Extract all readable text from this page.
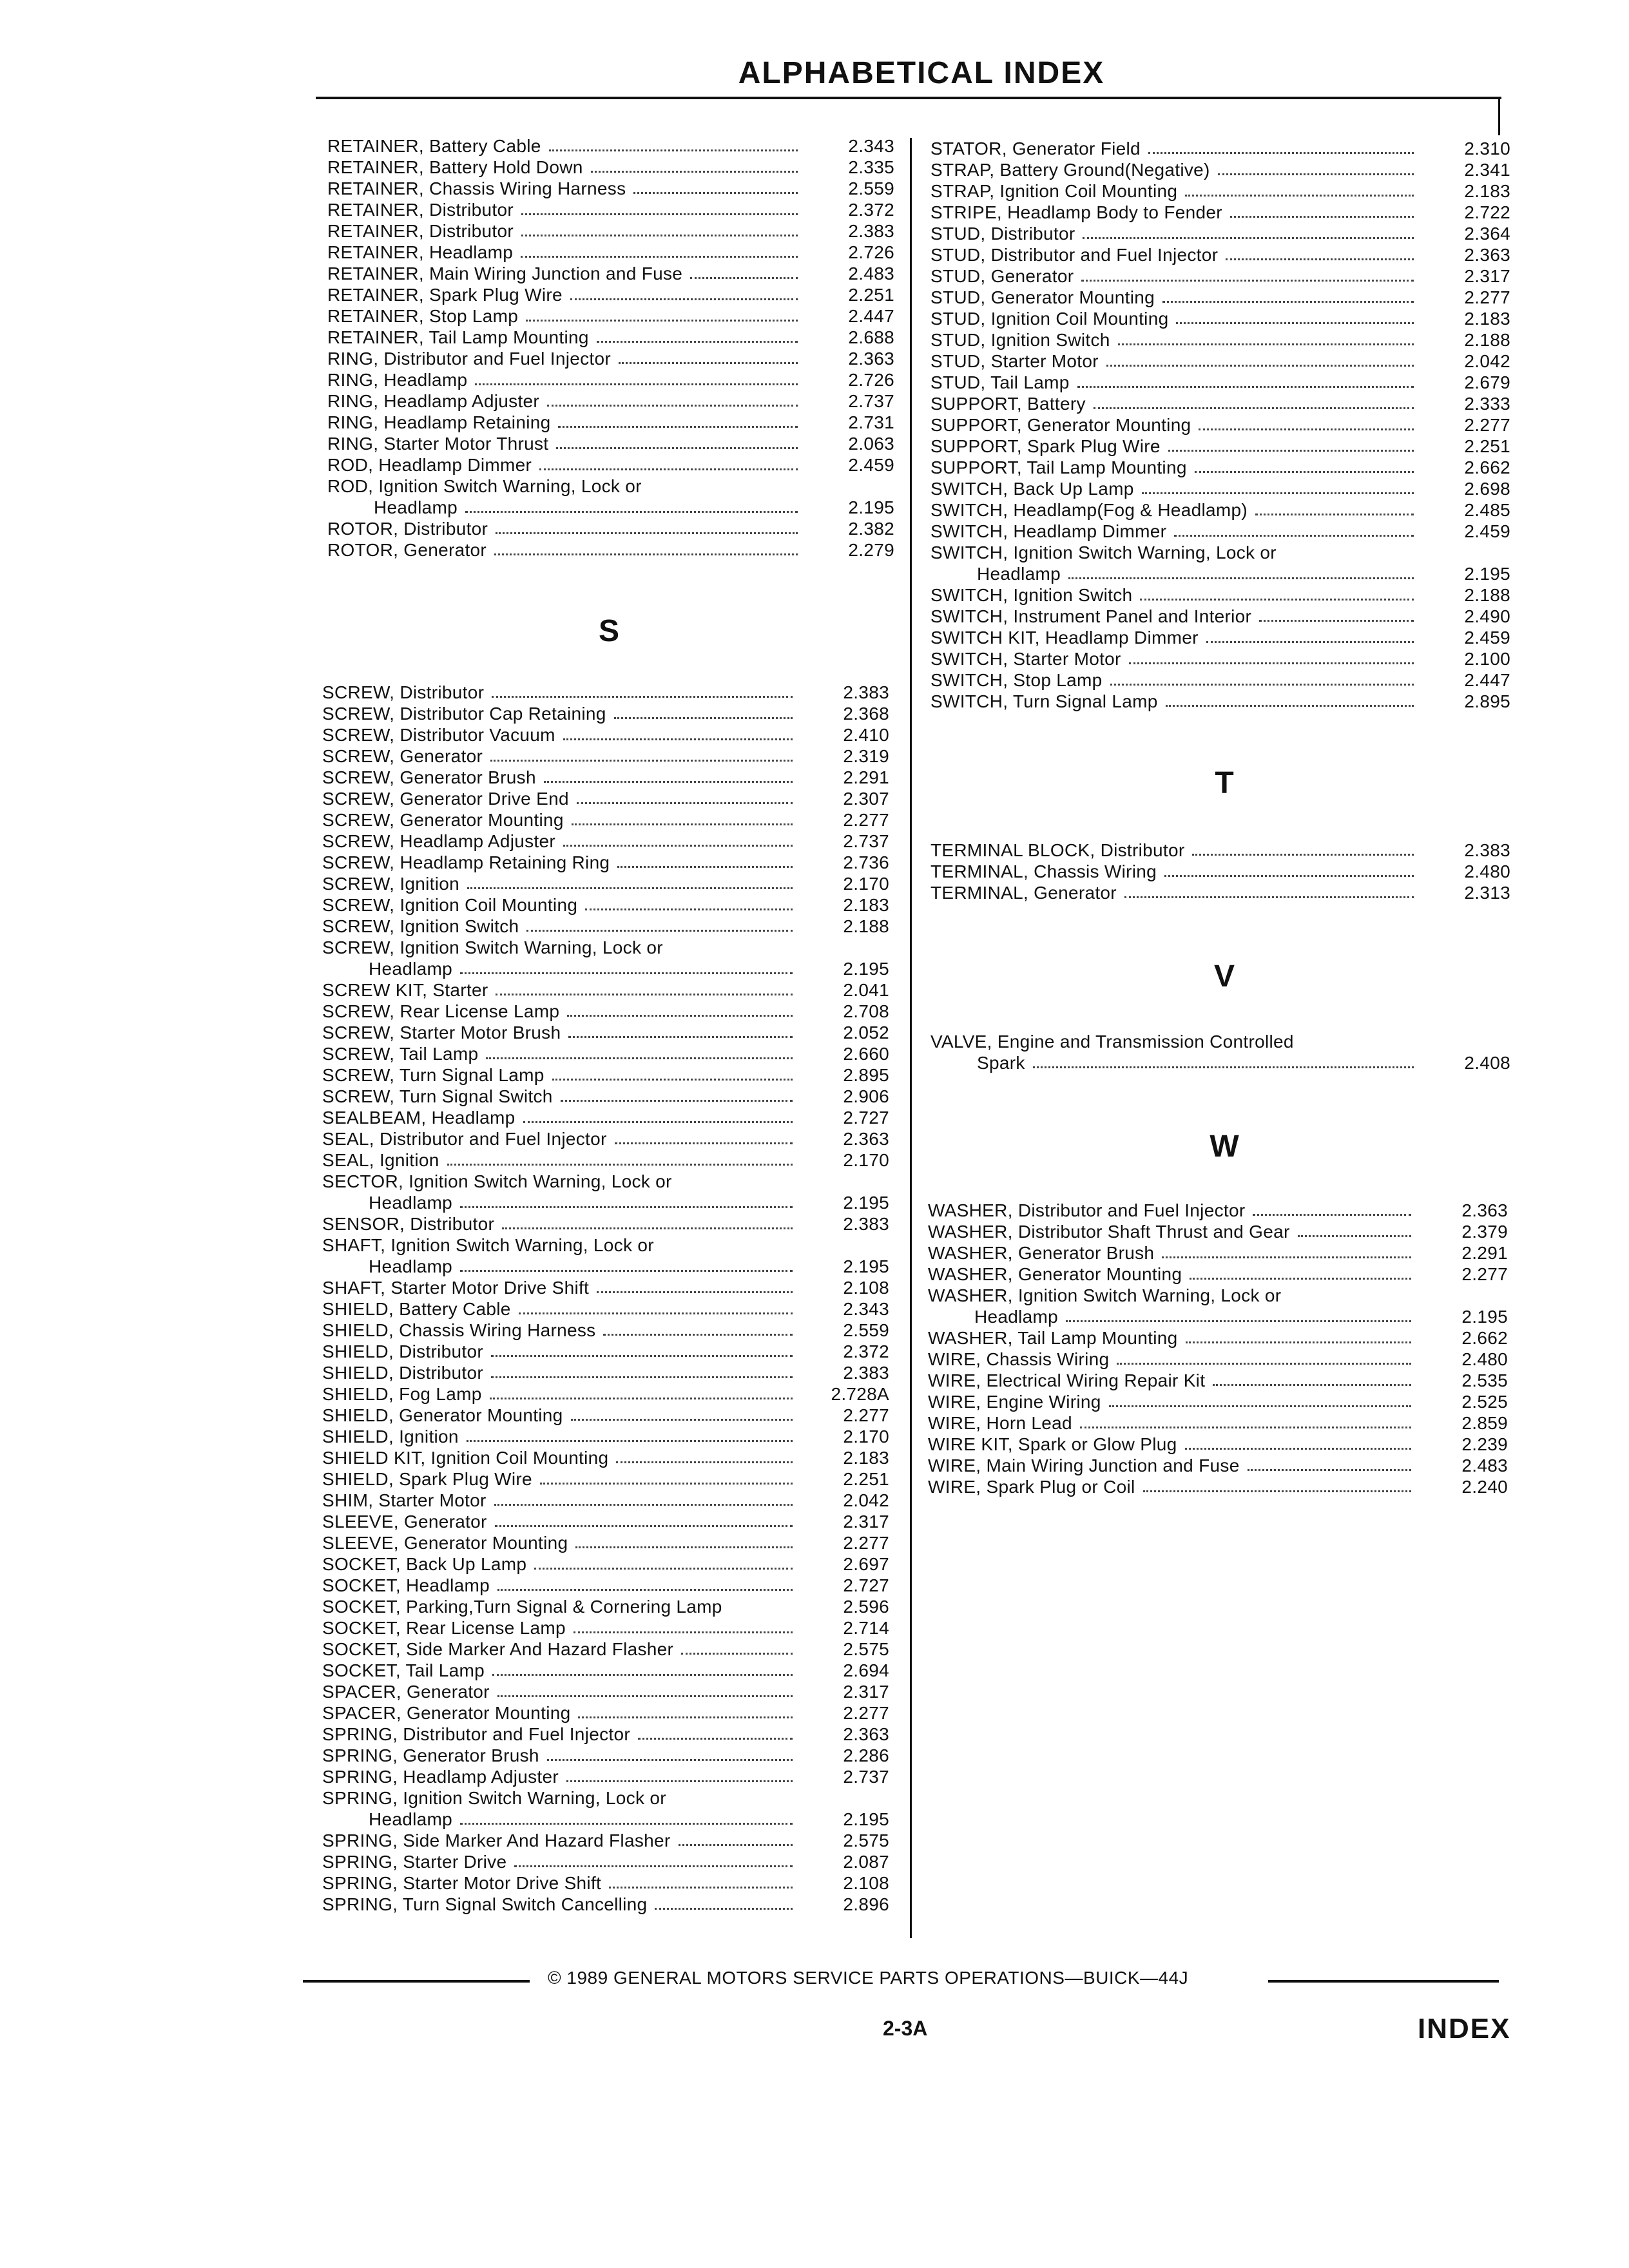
ALPHABETICAL INDEX
RETAINER, Battery Cable	2.343
RETAINER, Battery Hold Down	2.335
RETAINER, Chassis Wiring Harness	2.559
RETAINER, Distributor	2.372
RETAINER, Distributor	2.383
RETAINER, Headlamp	2.726
RETAINER, Main Wiring Junction and Fuse	2.483
RETAINER, Spark Plug Wire	2.251
RETAINER, Stop Lamp	2.447
RETAINER, Tail Lamp Mounting	2.688
RING, Distributor and Fuel Injector	2.363
RING, Headlamp	2.726
RING, Headlamp Adjuster	2.737
RING, Headlamp Retaining	2.731
RING, Starter Motor Thrust	2.063
ROD, Headlamp Dimmer	2.459
ROD, Ignition Switch Warning, Lock or
Headlamp	2.195
ROTOR, Distributor	2.382
ROTOR, Generator	2.279
S
SCREW, Distributor	2.383
SCREW, Distributor Cap Retaining	2.368
SCREW, Distributor Vacuum	2.410
SCREW, Generator	2.319
SCREW, Generator Brush	2.291
SCREW, Generator Drive End	2.307
SCREW, Generator Mounting	2.277
SCREW, Headlamp Adjuster	2.737
SCREW, Headlamp Retaining Ring	2.736
SCREW, Ignition	2.170
SCREW, Ignition Coil Mounting	2.183
SCREW, Ignition Switch	2.188
SCREW, Ignition Switch Warning, Lock or
Headlamp	2.195
SCREW KIT, Starter	2.041
SCREW, Rear License Lamp	2.708
SCREW, Starter Motor Brush	2.052
SCREW, Tail Lamp	2.660
SCREW, Turn Signal Lamp	2.895
SCREW, Turn Signal Switch	2.906
SEALBEAM, Headlamp	2.727
SEAL, Distributor and Fuel Injector	2.363
SEAL, Ignition	2.170
SECTOR, Ignition Switch Warning, Lock or
Headlamp	2.195
SENSOR, Distributor	2.383
SHAFT, Ignition Switch Warning, Lock or
Headlamp	2.195
SHAFT, Starter Motor Drive Shift	2.108
SHIELD, Battery Cable	2.343
SHIELD, Chassis Wiring Harness	2.559
SHIELD, Distributor	2.372
SHIELD, Distributor	2.383
SHIELD, Fog Lamp	2.728A
SHIELD, Generator Mounting	2.277
SHIELD, Ignition	2.170
SHIELD KIT, Ignition Coil Mounting	2.183
SHIELD, Spark Plug Wire	2.251
SHIM, Starter Motor	2.042
SLEEVE, Generator	2.317
SLEEVE, Generator Mounting	2.277
SOCKET, Back Up Lamp	2.697
SOCKET, Headlamp	2.727
SOCKET, Parking,Turn Signal & Cornering Lamp	2.596
SOCKET, Rear License Lamp	2.714
SOCKET, Side Marker And Hazard Flasher	2.575
SOCKET, Tail Lamp	2.694
SPACER, Generator	2.317
SPACER, Generator Mounting	2.277
SPRING, Distributor and Fuel Injector	2.363
SPRING, Generator Brush	2.286
SPRING, Headlamp Adjuster	2.737
SPRING, Ignition Switch Warning, Lock or
Headlamp	2.195
SPRING, Side Marker And Hazard Flasher	2.575
SPRING, Starter Drive	2.087
SPRING, Starter Motor Drive Shift	2.108
SPRING, Turn Signal Switch Cancelling	2.896
STATOR, Generator Field	2.310
STRAP, Battery Ground(Negative)	2.341
STRAP, Ignition Coil Mounting	2.183
STRIPE, Headlamp Body to Fender	2.722
STUD, Distributor	2.364
STUD, Distributor and Fuel Injector	2.363
STUD, Generator	2.317
STUD, Generator Mounting	2.277
STUD, Ignition Coil Mounting	2.183
STUD, Ignition Switch	2.188
STUD, Starter Motor	2.042
STUD, Tail Lamp	2.679
SUPPORT, Battery	2.333
SUPPORT, Generator Mounting	2.277
SUPPORT, Spark Plug Wire	2.251
SUPPORT, Tail Lamp Mounting	2.662
SWITCH, Back Up Lamp	2.698
SWITCH, Headlamp(Fog & Headlamp)	2.485
SWITCH, Headlamp Dimmer	2.459
SWITCH, Ignition Switch Warning, Lock or
Headlamp	2.195
SWITCH, Ignition Switch	2.188
SWITCH, Instrument Panel and Interior	2.490
SWITCH KIT, Headlamp Dimmer	2.459
SWITCH, Starter Motor	2.100
SWITCH, Stop Lamp	2.447
SWITCH, Turn Signal Lamp	2.895
T
TERMINAL BLOCK, Distributor	2.383
TERMINAL, Chassis Wiring	2.480
TERMINAL, Generator	2.313
V
VALVE, Engine and Transmission Controlled
Spark	2.408
W
WASHER, Distributor and Fuel Injector	2.363
WASHER, Distributor Shaft Thrust and Gear	2.379
WASHER, Generator Brush	2.291
WASHER, Generator Mounting	2.277
WASHER, Ignition Switch Warning, Lock or
Headlamp	2.195
WASHER, Tail Lamp Mounting	2.662
WIRE, Chassis Wiring	2.480
WIRE, Electrical Wiring Repair Kit	2.535
WIRE, Engine Wiring	2.525
WIRE, Horn Lead	2.859
WIRE KIT, Spark or Glow Plug	2.239
WIRE, Main Wiring Junction and Fuse	2.483
WIRE, Spark Plug or Coil	2.240
© 1989 GENERAL MOTORS SERVICE PARTS OPERATIONS—BUICK—44J
2-3A	INDEX
